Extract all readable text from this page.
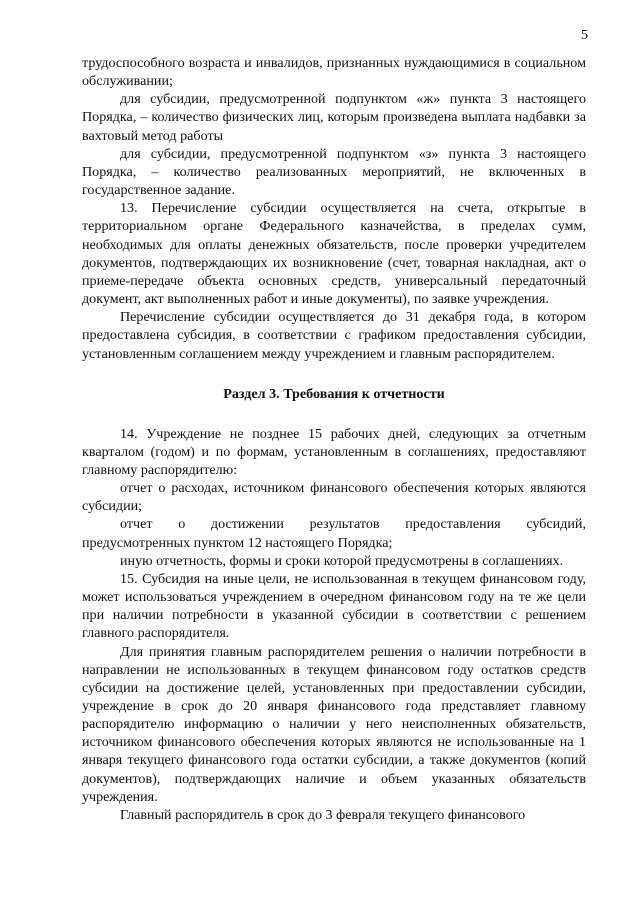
5

трудоспособного возраста и инвалидов, признанных нуждающимися в социальном обслуживании;

для субсидии, предусмотренной подпунктом «ж» пункта 3 настоящего Порядка, – количество физических лиц, которым произведена выплата надбавки за вахтовый метод работы

для субсидии, предусмотренной подпунктом «з» пункта 3 настоящего Порядка, – количество реализованных мероприятий, не включенных в государственное задание.

13. Перечисление субсидии осуществляется на счета, открытые в территориальном органе Федерального казначейства, в пределах сумм, необходимых для оплаты денежных обязательств, после проверки учредителем документов, подтверждающих их возникновение (счет, товарная накладная, акт о приеме-передаче объекта основных средств, универсальный передаточный документ, акт выполненных работ и иные документы), по заявке учреждения.

Перечисление субсидии осуществляется до 31 декабря года, в котором предоставлена субсидия, в соответствии с графиком предоставления субсидии, установленным соглашением между учреждением и главным распорядителем.

Раздел 3. Требования к отчетности

14. Учреждение не позднее 15 рабочих дней, следующих за отчетным кварталом (годом) и по формам, установленным в соглашениях, предоставляют главному распорядителю:

отчет о расходах, источником финансового обеспечения которых являются субсидии;

отчет о достижении результатов предоставления субсидий, предусмотренных пунктом 12 настоящего Порядка;

иную отчетность, формы и сроки которой предусмотрены в соглашениях.

15. Субсидия на иные цели, не использованная в текущем финансовом году, может использоваться учреждением в очередном финансовом году на те же цели при наличии потребности в указанной субсидии в соответствии с решением главного распорядителя.

Для принятия главным распорядителем решения о наличии потребности в направлении не использованных в текущем финансовом году остатков средств субсидии на достижение целей, установленных при предоставлении субсидии, учреждение в срок до 20 января финансового года представляет главному распорядителю информацию о наличии у него неисполненных обязательств, источником финансового обеспечения которых являются не использованные на 1 января текущего финансового года остатки субсидии, а также документов (копий документов), подтверждающих наличие и объем указанных обязательств учреждения.

Главный распорядитель в срок до 3 февраля текущего финансового
